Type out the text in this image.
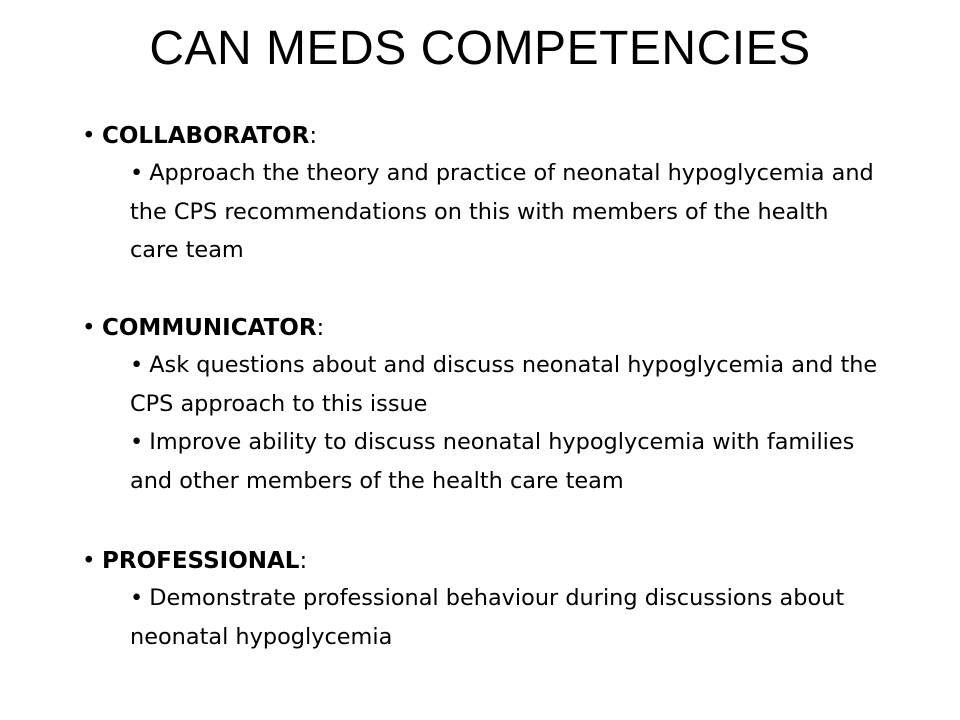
CAN MEDS COMPETENCIES
• COLLABORATOR:
• Approach the theory and practice of neonatal hypoglycemia and the CPS recommendations on this with members of the health care team
• COMMUNICATOR:
• Ask questions about and discuss neonatal hypoglycemia and the CPS approach to this issue
• Improve ability to discuss neonatal hypoglycemia with families and other members of the health care team
• PROFESSIONAL:
• Demonstrate professional behaviour during discussions about neonatal hypoglycemia
